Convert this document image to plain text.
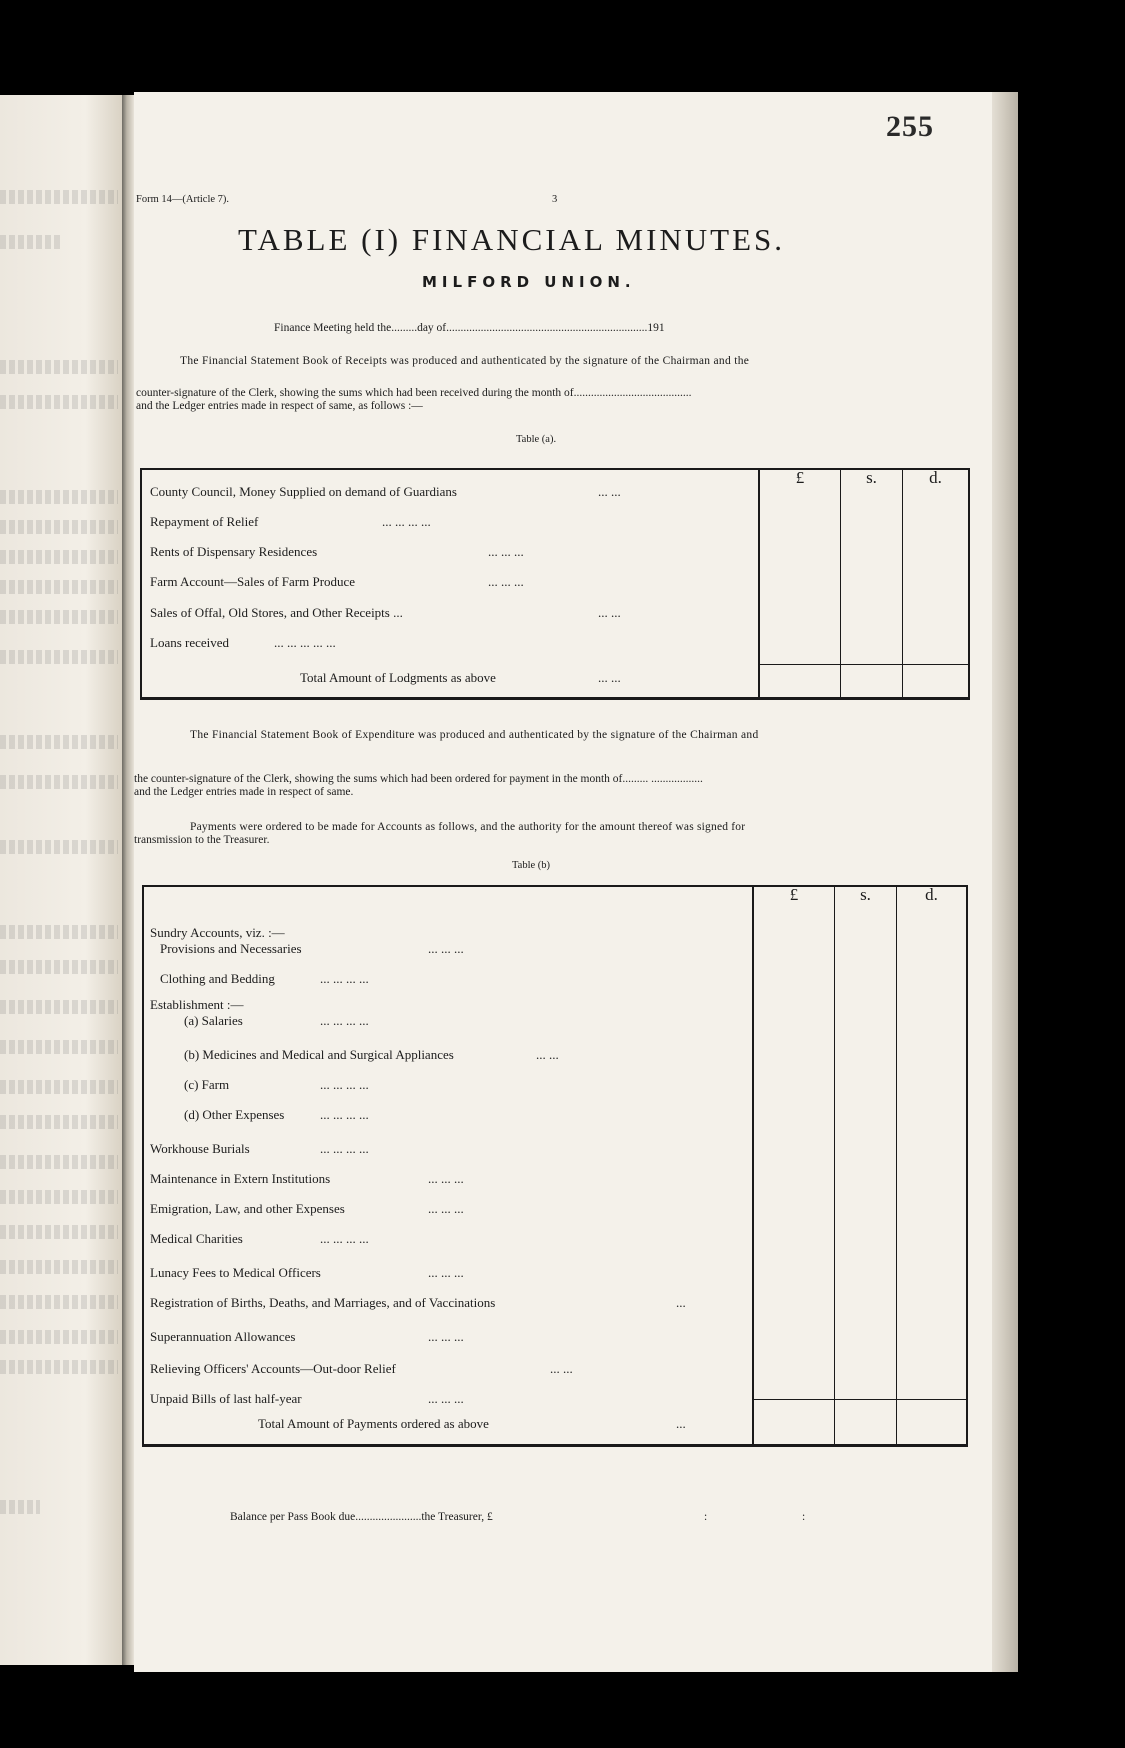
255
Form 14—(Article 7).	3
TABLE (I) FINANCIAL MINUTES.
MILFORD UNION.
Finance Meeting held the.........day of......................................................................191
The Financial Statement Book of Receipts was produced and authenticated by the signature of the Chairman and the
counter-signature of the Clerk, showing the sums which had been received during the month of.........................................
and the Ledger entries made in respect of same, as follows :—
Table (a).
£	s.	d.
County Council, Money Supplied on demand of Guardians	... ...
Repayment of Relief	... ... ... ...
Rents of Dispensary Residences	... ... ...
Farm Account—Sales of Farm Produce	... ... ...
Sales of Offal, Old Stores, and Other Receipts ...	... ...
Loans received	... ... ... ... ...
Total Amount of Lodgments as above	... ...
The Financial Statement Book of Expenditure was produced and authenticated by the signature of the Chairman and
the counter-signature of the Clerk, showing the sums which had been ordered for payment in the month of......... ..................
and the Ledger entries made in respect of same.
Payments were ordered to be made for Accounts as follows, and the authority for the amount thereof was signed for
transmission to the Treasurer.
Table (b)
£	s.	d.
Sundry Accounts, viz. :—
Provisions and Necessaries	... ... ...
Clothing and Bedding	... ... ... ...
Establishment :—
(a) Salaries	... ... ... ...
(b) Medicines and Medical and Surgical Appliances	... ...
(c) Farm	... ... ... ...
(d) Other Expenses	... ... ... ...
Workhouse Burials	... ... ... ...
Maintenance in Extern Institutions	... ... ...
Emigration, Law, and other Expenses	... ... ...
Medical Charities	... ... ... ...
Lunacy Fees to Medical Officers	... ... ...
Registration of Births, Deaths, and Marriages, and of Vaccinations	...
Superannuation Allowances	... ... ...
Relieving Officers' Accounts—Out-door Relief	... ...
Unpaid Bills of last half-year	... ... ...
Total Amount of Payments ordered as above	...
Balance per Pass Book due.......................the Treasurer, £	:	:
